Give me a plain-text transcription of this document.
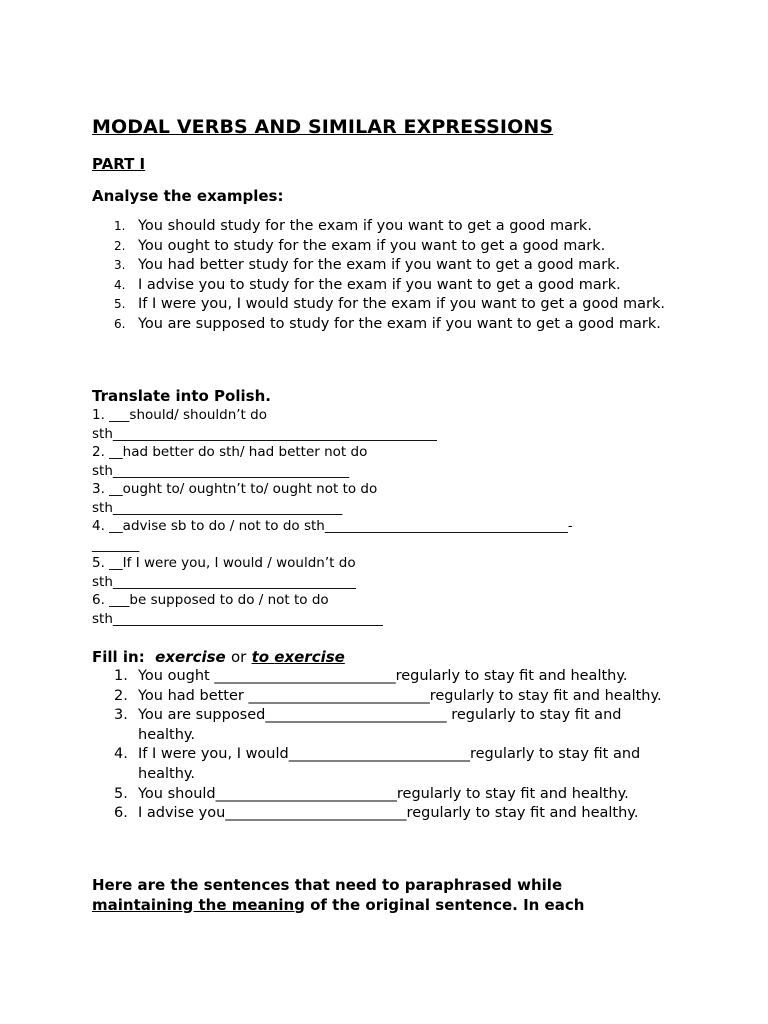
MODAL VERBS AND SIMILAR EXPRESSIONS
PART I
Analyse the examples:
1. You should study for the exam if you want to get a good mark.
2. You ought to study for the exam if you want to get a good mark.
3. You had better study for the exam if you want to get a good mark.
4. I advise you to study for the exam if you want to get a good mark.
5. If I were you, I would study for the exam if you want to get a good mark.
6. You are supposed to study for the exam if you want to get a good mark.
Translate into Polish.
1. ___should/ shouldn’t do
sth________________________________________________
2. __had better do sth/ had better not do
sth___________________________________
3. __ought to/ oughtn’t to/ ought not to do
sth__________________________________
4. __advise sb to do / not to do sth____________________________________-
_______
5. __If I were you, I would / wouldn’t do
sth____________________________________
6. ___be supposed to do / not to do
sth________________________________________
Fill in: exercise or to exercise
1. You ought _________________________regularly to stay fit and healthy.
2. You had better _________________________regularly to stay fit and healthy.
3. You are supposed_________________________ regularly to stay fit and healthy.
4. If I were you, I would_________________________regularly to stay fit and healthy.
5. You should_________________________regularly to stay fit and healthy.
6. I advise you_________________________regularly to stay fit and healthy.
Here are the sentences that need to paraphrased while maintaining the meaning of the original sentence. In each
